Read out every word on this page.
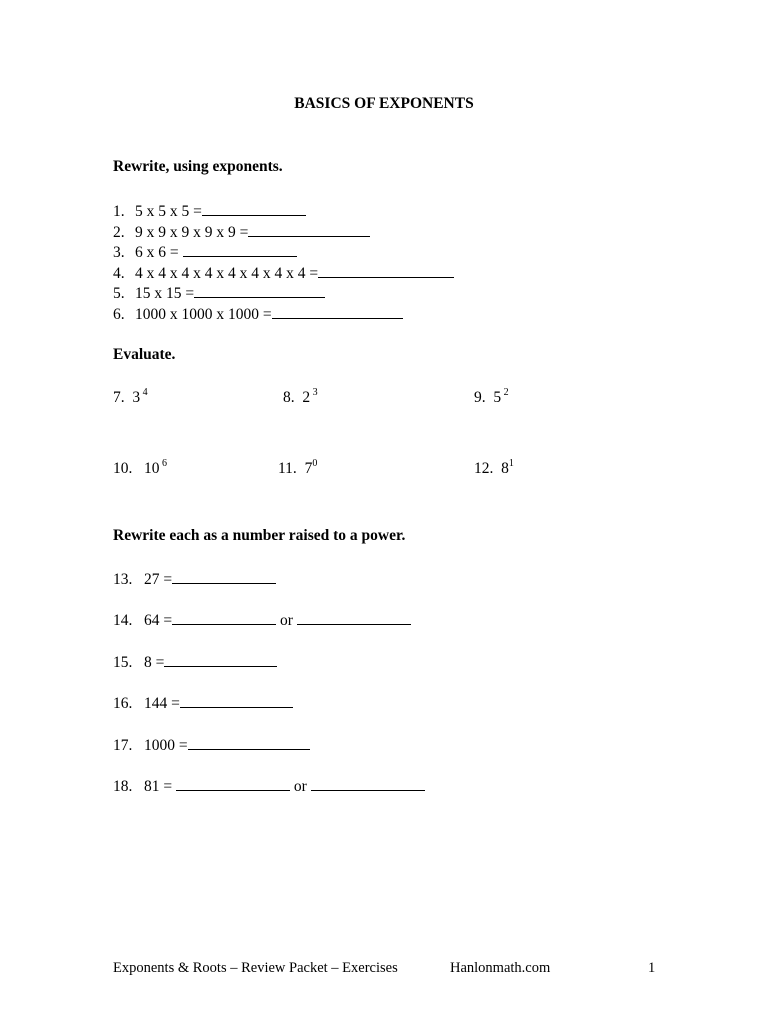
BASICS OF EXPONENTS
Rewrite, using exponents.
1. 5 x 5 x 5 =
2. 9 x 9 x 9 x 9 x 9 =
3. 6 x 6 =
4. 4 x 4 x 4 x 4 x 4 x 4 x 4 x 4 =
5. 15 x 15 =
6. 1000 x 1000 x 1000 =
Evaluate.
7. 3 $^4$	8. 2 $^3$	9. 5 $^2$
10. 10 $^6$	11. $7^0$	12. $8^1$
Rewrite each as a number raised to a power.
13. 27 =
14. 64 =	or
15. 8 =
16. 144 =
17. 1000 =
18. 81 =	or
Exponents & Roots – Review Packet – Exercises	Hanlonmath.com	1
